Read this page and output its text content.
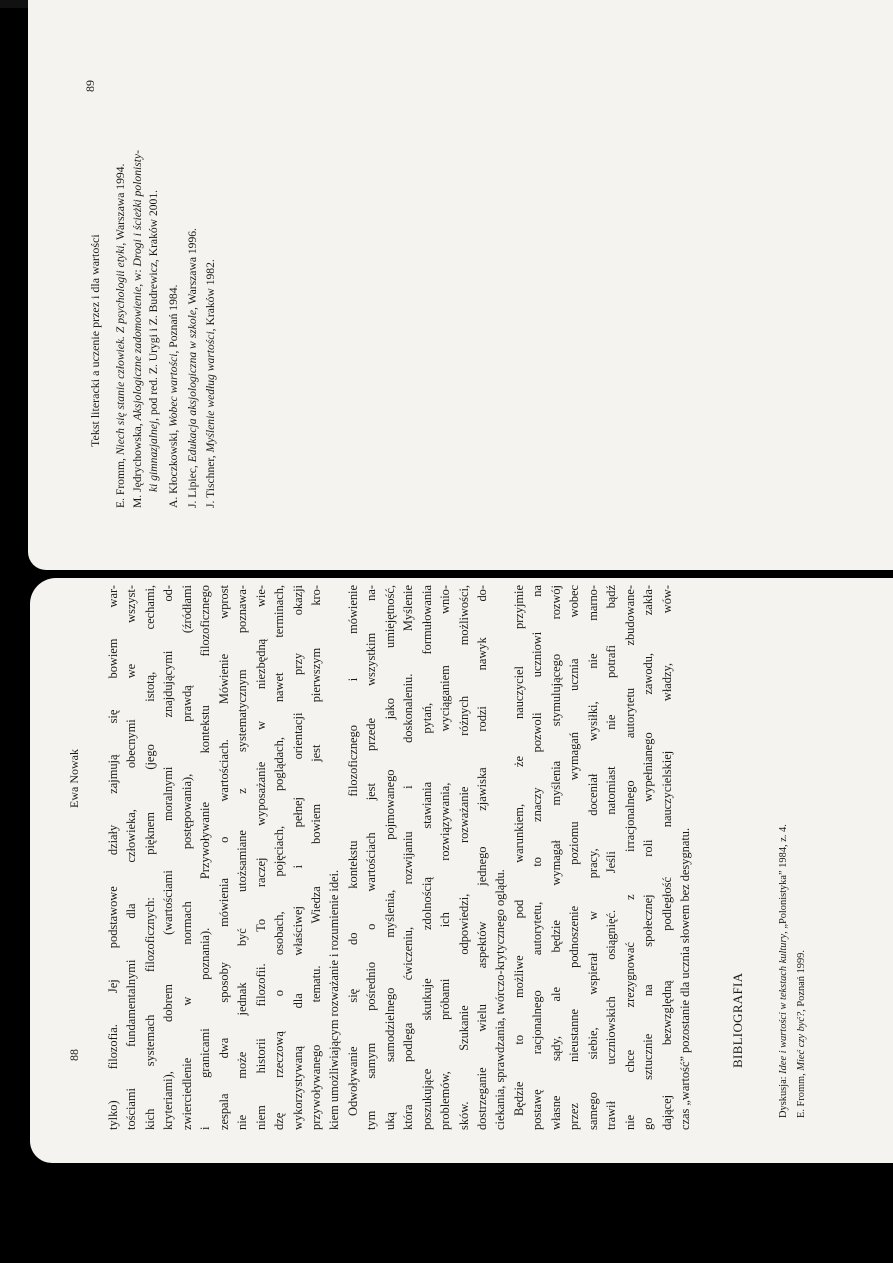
89
Tekst literacki a uczenie przez i dla wartości
E. Fromm, Niech się stanie człowiek. Z psychologii etyki, Warszawa 1994.
M. Jędrychowska, Aksjologiczne zadomowienie, w: Drogi i ścieżki polonisty-
ki gimnazjalnej, pod red. Z. Urygi i Z. Budrewicz, Kraków 2001.
A. Kłoczkowski, Wobec wartości, Poznań 1984.
J. Lipiec, Edukacja aksjologiczna w szkole, Warszawa 1996.
J. Tischner, Myślenie według wartości, Kraków 1982.
88
Ewa Nowak tylko) filozofia. Jej podstawowe działy zajmują się bowiem war- tościami fundamentalnymi dla człowieka, obecnymi we wszyst- kich systemach filozoficznych: pięknem (jego istotą, cechami, kryteriami), dobrem (wartościami moralnymi znajdującymi od- zwierciedlenie w normach postępowania), prawdą (źródłami i granicami poznania). Przywoływanie kontekstu filozoficznego zespala dwa sposoby mówienia o wartościach. Mówienie wprost nie może jednak być utożsamiane z systematycznym poznawa- niem historii filozofii. To raczej wyposażanie w niezbędną wie- dzę rzeczową o osobach, pojęciach, poglądach, nawet terminach, wykorzystywaną dla właściwej i pełnej orientacji przy okazji przywoływanego tematu. Wiedza bowiem jest pierwszym kro- kiem umożliwiającym rozważanie i rozumienie idei. Odwoływanie się do kontekstu filozoficznego i mówienie tym samym pośrednio o wartościach jest przede wszystkim na- uką samodzielnego myślenia, pojmowanego jako umiejętność, która podlega ćwiczeniu, rozwijaniu i doskonaleniu. Myślenie poszukujące skutkuje zdolnością stawiania pytań, formułowania problemów, próbami ich rozwiązywania, wyciąganiem wnio- sków. Szukanie odpowiedzi, rozważanie różnych możliwości, dostrzeganie wielu aspektów jednego zjawiska rodzi nawyk do- ciekania, sprawdzania, twórczo-krytycznego oglądu. Będzie to możliwe pod warunkiem, że nauczyciel przyjmie postawę racjonalnego autorytetu, to znaczy pozwoli uczniowi na własne sądy, ale będzie wymagał myślenia stymulującego rozwój przez nieustanne podnoszenie poziomu wymagań ucznia wobec samego siebie, wspierał w pracy, doceniał wysiłki, nie marno- trawił uczniowskich osiągnięć. Jeśli natomiast nie potrafi bądź nie chce zrezygnować z irracjonalnego autorytetu zbudowane- go sztucznie na społecznej roli wypełnianego zawodu, zakła- dającej bezwzględną podległość nauczycielskiej władzy, wów- czas „wartość” pozostanie dla ucznia słowem bez desygnatu.	BIBLIOGRAFIA
Dyskusja: Idee i wartości w tekstach kultury, „Polonistyka” 1984, z. 4.
E. Fromm, Mieć czy być?, Poznań 1999.
